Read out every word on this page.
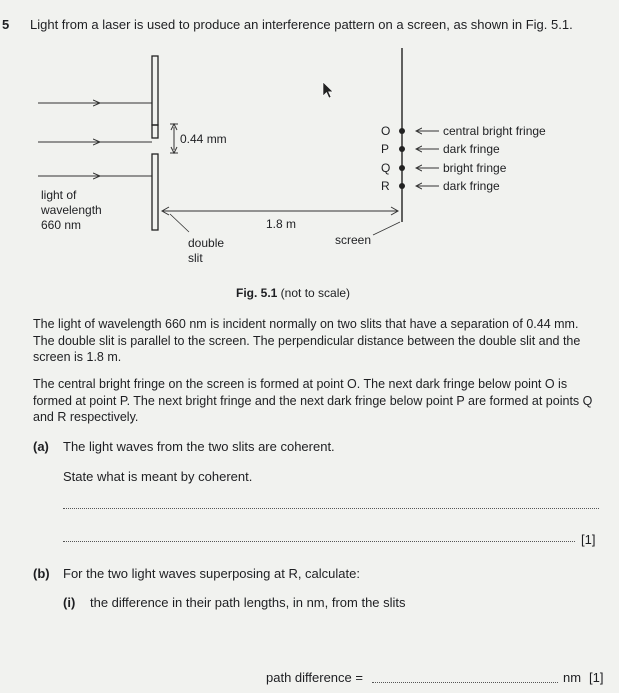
5 Light from a laser is used to produce an interference pattern on a screen, as shown in Fig. 5.1.
0.44 mm
light of
wavelength
660 nm	1.8 m
double
slit
screen
O
P
Q
R
central bright fringe
dark fringe
bright fringe
dark fringe
Fig. 5.1 (not to scale)
The light of wavelength 660 nm is incident normally on two slits that have a separation of 0.44 mm. The double slit is parallel to the screen. The perpendicular distance between the double slit and the screen is 1.8 m.
The central bright fringe on the screen is formed at point O. The next dark fringe below point O is formed at point P. The next bright fringe and the next dark fringe below point P are formed at points Q and R respectively.
(a) The light waves from the two slits are coherent.
State what is meant by coherent.
[1]
(b) For the two light waves superposing at R, calculate:
(i) the difference in their path lengths, in nm, from the slits
path difference =	nm [1]
